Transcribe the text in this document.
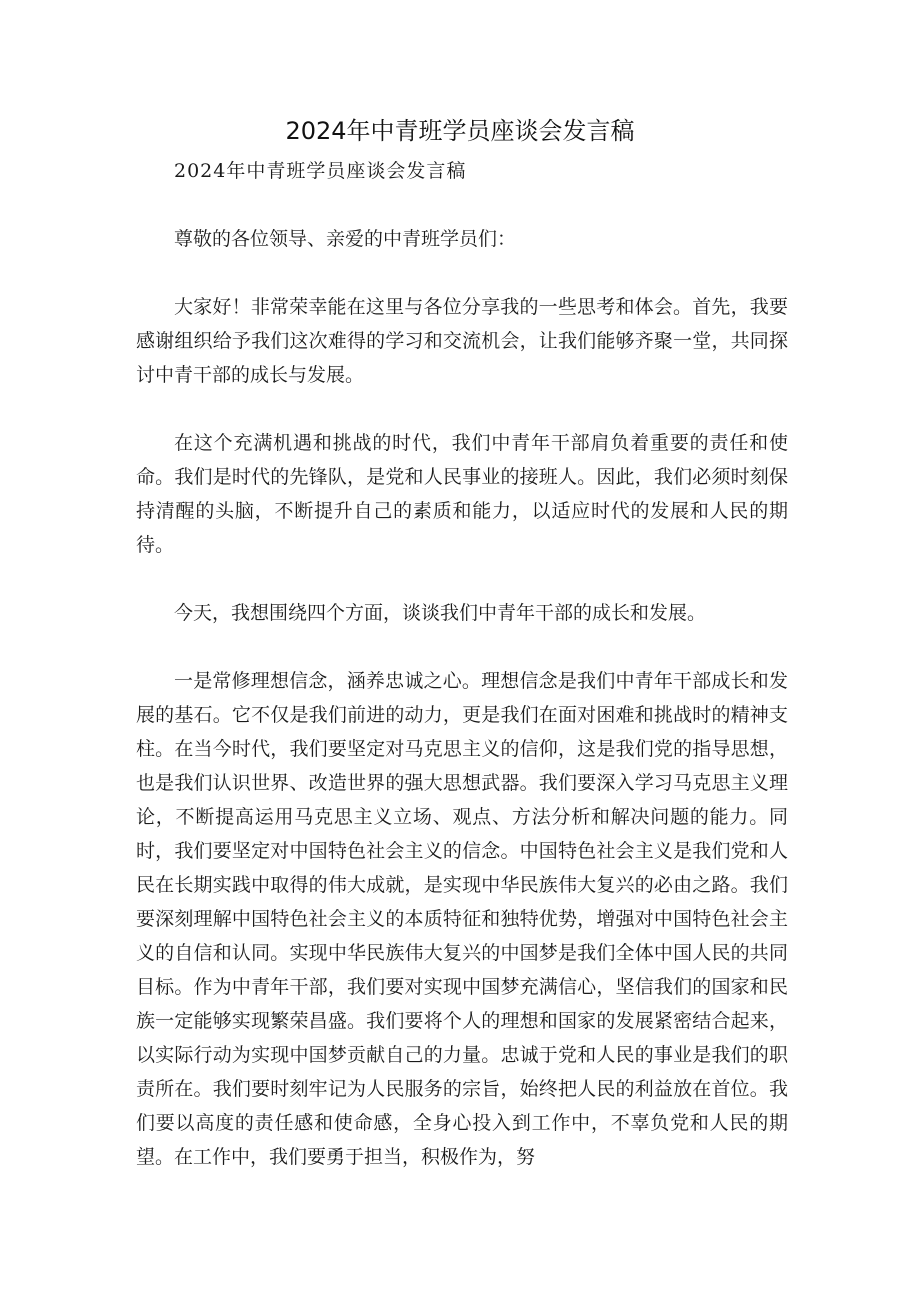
2024年中青班学员座谈会发言稿

2024年中青班学员座谈会发言稿

尊敬的各位领导、亲爱的中青班学员们：

大家好！非常荣幸能在这里与各位分享我的一些思考和体会。首先，我要感谢组织给予我们这次难得的学习和交流机会，让我们能够齐聚一堂，共同探讨中青干部的成长与发展。

在这个充满机遇和挑战的时代，我们中青年干部肩负着重要的责任和使命。我们是时代的先锋队，是党和人民事业的接班人。因此，我们必须时刻保持清醒的头脑，不断提升自己的素质和能力，以适应时代的发展和人民的期待。

今天，我想围绕四个方面，谈谈我们中青年干部的成长和发展。

一是常修理想信念，涵养忠诚之心。理想信念是我们中青年干部成长和发展的基石。它不仅是我们前进的动力，更是我们在面对困难和挑战时的精神支柱。在当今时代，我们要坚定对马克思主义的信仰，这是我们党的指导思想，也是我们认识世界、改造世界的强大思想武器。我们要深入学习马克思主义理论，不断提高运用马克思主义立场、观点、方法分析和解决问题的能力。同时，我们要坚定对中国特色社会主义的信念。中国特色社会主义是我们党和人民在长期实践中取得的伟大成就，是实现中华民族伟大复兴的必由之路。我们要深刻理解中国特色社会主义的本质特征和独特优势，增强对中国特色社会主义的自信和认同。实现中华民族伟大复兴的中国梦是我们全体中国人民的共同目标。作为中青年干部，我们要对实现中国梦充满信心，坚信我们的国家和民族一定能够实现繁荣昌盛。我们要将个人的理想和国家的发展紧密结合起来，以实际行动为实现中国梦贡献自己的力量。忠诚于党和人民的事业是我们的职责所在。我们要时刻牢记为人民服务的宗旨，始终把人民的利益放在首位。我们要以高度的责任感和使命感，全身心投入到工作中，不辜负党和人民的期望。在工作中，我们要勇于担当，积极作为，努
